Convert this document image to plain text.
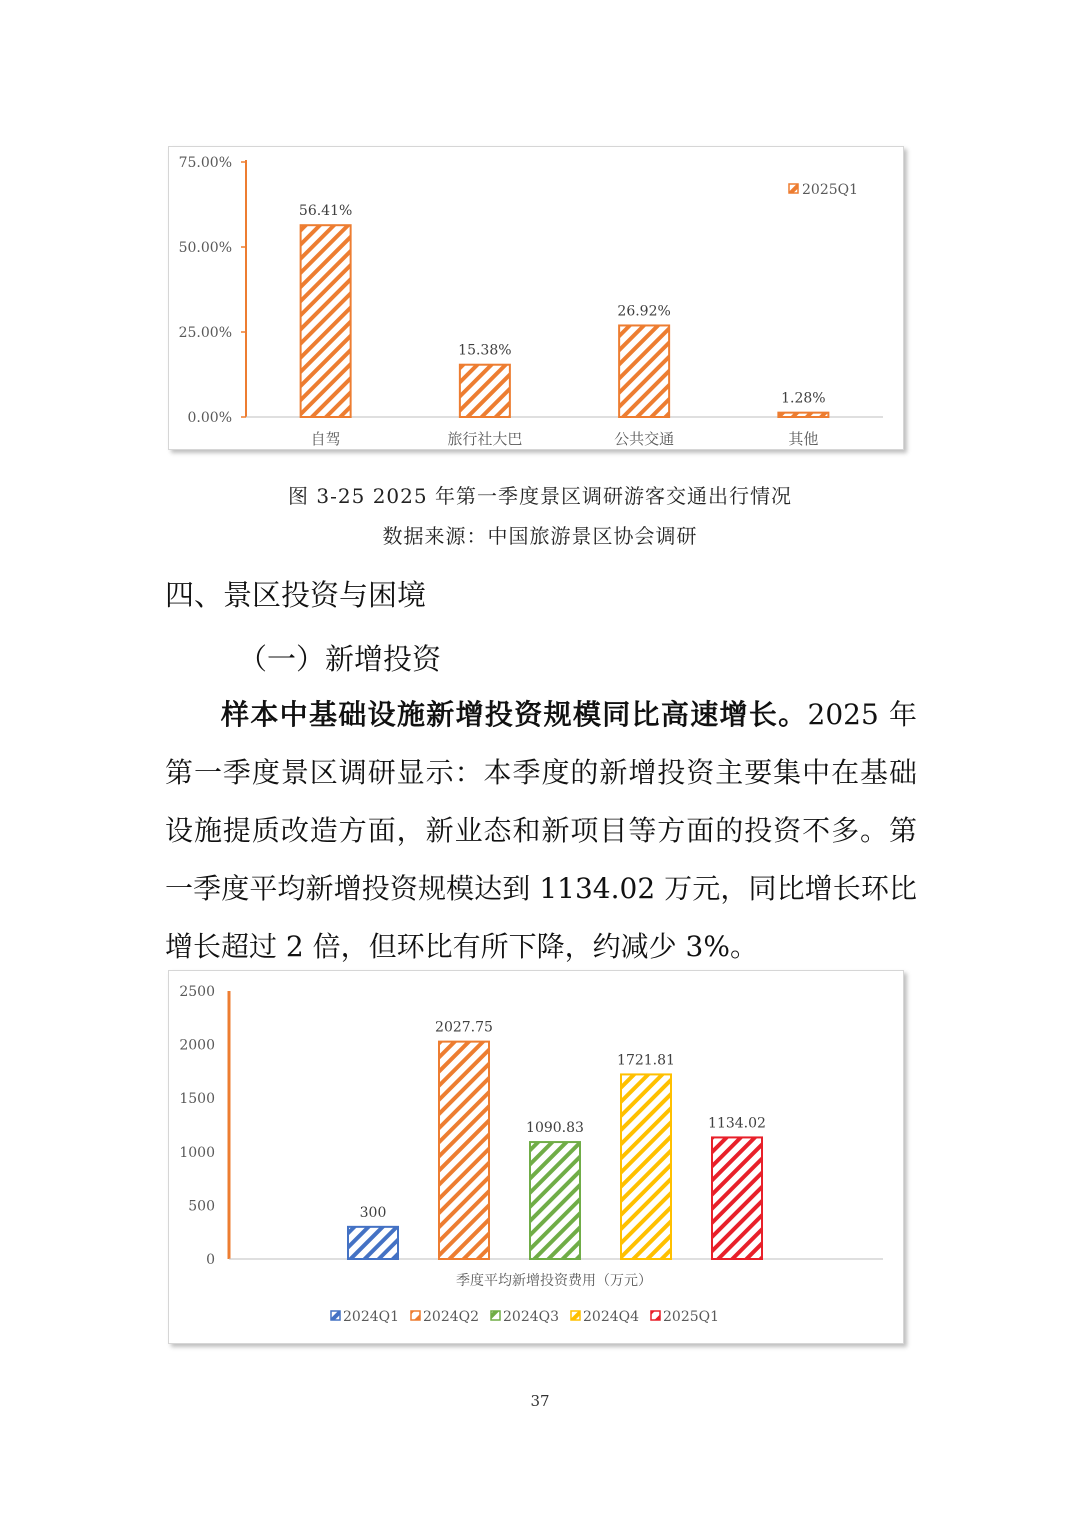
0.00%
25.00%
50.00%
75.00%
56.41%
自驾
15.38%
旅行社大巴
26.92%
公共交通
1.28%
其他
2025Q1
图 3-25 2025 年第一季度景区调研游客交通出行情况
数据来源：中国旅游景区协会调研
四、景区投资与困境
（一）新增投资

样本中基础设施新增投资规模同比高速增长。2025 年第一季度景区调研显示：本季度的新增投资主要集中在基础设施提质改造方面，新业态和新项目等方面的投资不多。第一季度平均新增投资规模达到 1134.02 万元，同比增长环比增长超过 2 倍，但环比有所下降，约减少 3%。

0
500
1000
1500
2000
2500
300
2024Q1
2027.75
2024Q2
1090.83
2024Q3
1721.81
2024Q4
1134.02
2025Q1
季度平均新增投资费用（万元）
37
